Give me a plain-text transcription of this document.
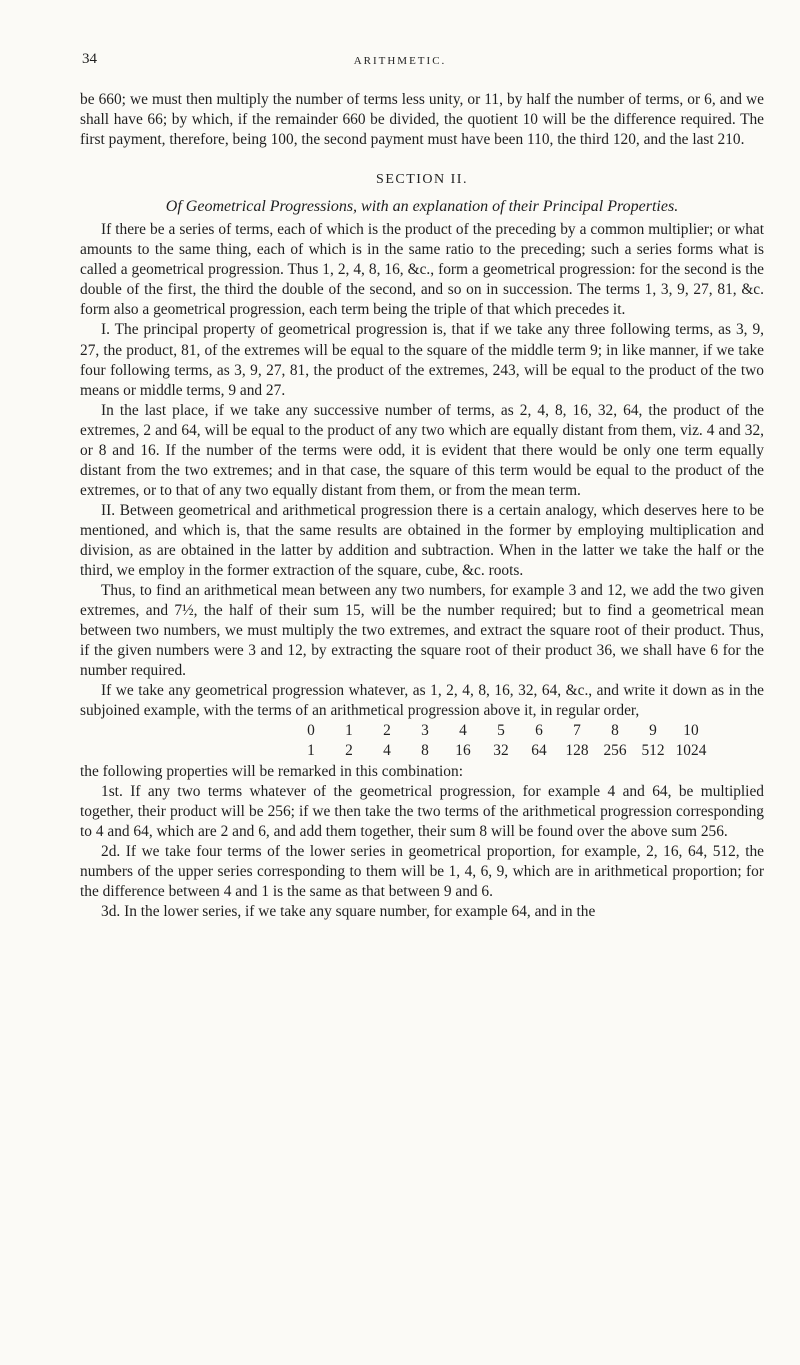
34	ARITHMETIC.

be 660; we must then multiply the number of terms less unity, or 11, by half the number of terms, or 6, and we shall have 66; by which, if the remainder 660 be divided, the quotient 10 will be the difference required. The first payment, therefore, being 100, the second payment must have been 110, the third 120, and the last 210.

SECTION II.
Of Geometrical Progressions, with an explanation of their Principal Properties.

If there be a series of terms, each of which is the product of the preceding by a common multiplier; or what amounts to the same thing, each of which is in the same ratio to the preceding; such a series forms what is called a geometrical progression. Thus 1, 2, 4, 8, 16, &c., form a geometrical progression: for the second is the double of the first, the third the double of the second, and so on in succession. The terms 1, 3, 9, 27, 81, &c. form also a geometrical progression, each term being the triple of that which precedes it.

I. The principal property of geometrical progression is, that if we take any three following terms, as 3, 9, 27, the product, 81, of the extremes will be equal to the square of the middle term 9; in like manner, if we take four following terms, as 3, 9, 27, 81, the product of the extremes, 243, will be equal to the product of the two means or middle terms, 9 and 27.

In the last place, if we take any successive number of terms, as 2, 4, 8, 16, 32, 64, the product of the extremes, 2 and 64, will be equal to the product of any two which are equally distant from them, viz. 4 and 32, or 8 and 16. If the number of the terms were odd, it is evident that there would be only one term equally distant from the two extremes; and in that case, the square of this term would be equal to the product of the extremes, or to that of any two equally distant from them, or from the mean term.

II. Between geometrical and arithmetical progression there is a certain analogy, which deserves here to be mentioned, and which is, that the same results are obtained in the former by employing multiplication and division, as are obtained in the latter by addition and subtraction. When in the latter we take the half or the third, we employ in the former extraction of the square, cube, &c. roots.

Thus, to find an arithmetical mean between any two numbers, for example 3 and 12, we add the two given extremes, and 7½, the half of their sum 15, will be the number required; but to find a geometrical mean between two numbers, we must multiply the two extremes, and extract the square root of their product. Thus, if the given numbers were 3 and 12, by extracting the square root of their product 36, we shall have 6 for the number required.

If we take any geometrical progression whatever, as 1, 2, 4, 8, 16, 32, 64, &c., and write it down as in the subjoined example, with the terms of an arithmetical progression above it, in regular order,

0	1	2	3	4	5	6	7	8	9	10
1	2	4	8	16	32	64	128	256	512	1024

the following properties will be remarked in this combination:

1st. If any two terms whatever of the geometrical progression, for example 4 and 64, be multiplied together, their product will be 256; if we then take the two terms of the arithmetical progression corresponding to 4 and 64, which are 2 and 6, and add them together, their sum 8 will be found over the above sum 256.

2d. If we take four terms of the lower series in geometrical proportion, for example, 2, 16, 64, 512, the numbers of the upper series corresponding to them will be 1, 4, 6, 9, which are in arithmetical proportion; for the difference between 4 and 1 is the same as that between 9 and 6.

3d. In the lower series, if we take any square number, for example 64, and in the
